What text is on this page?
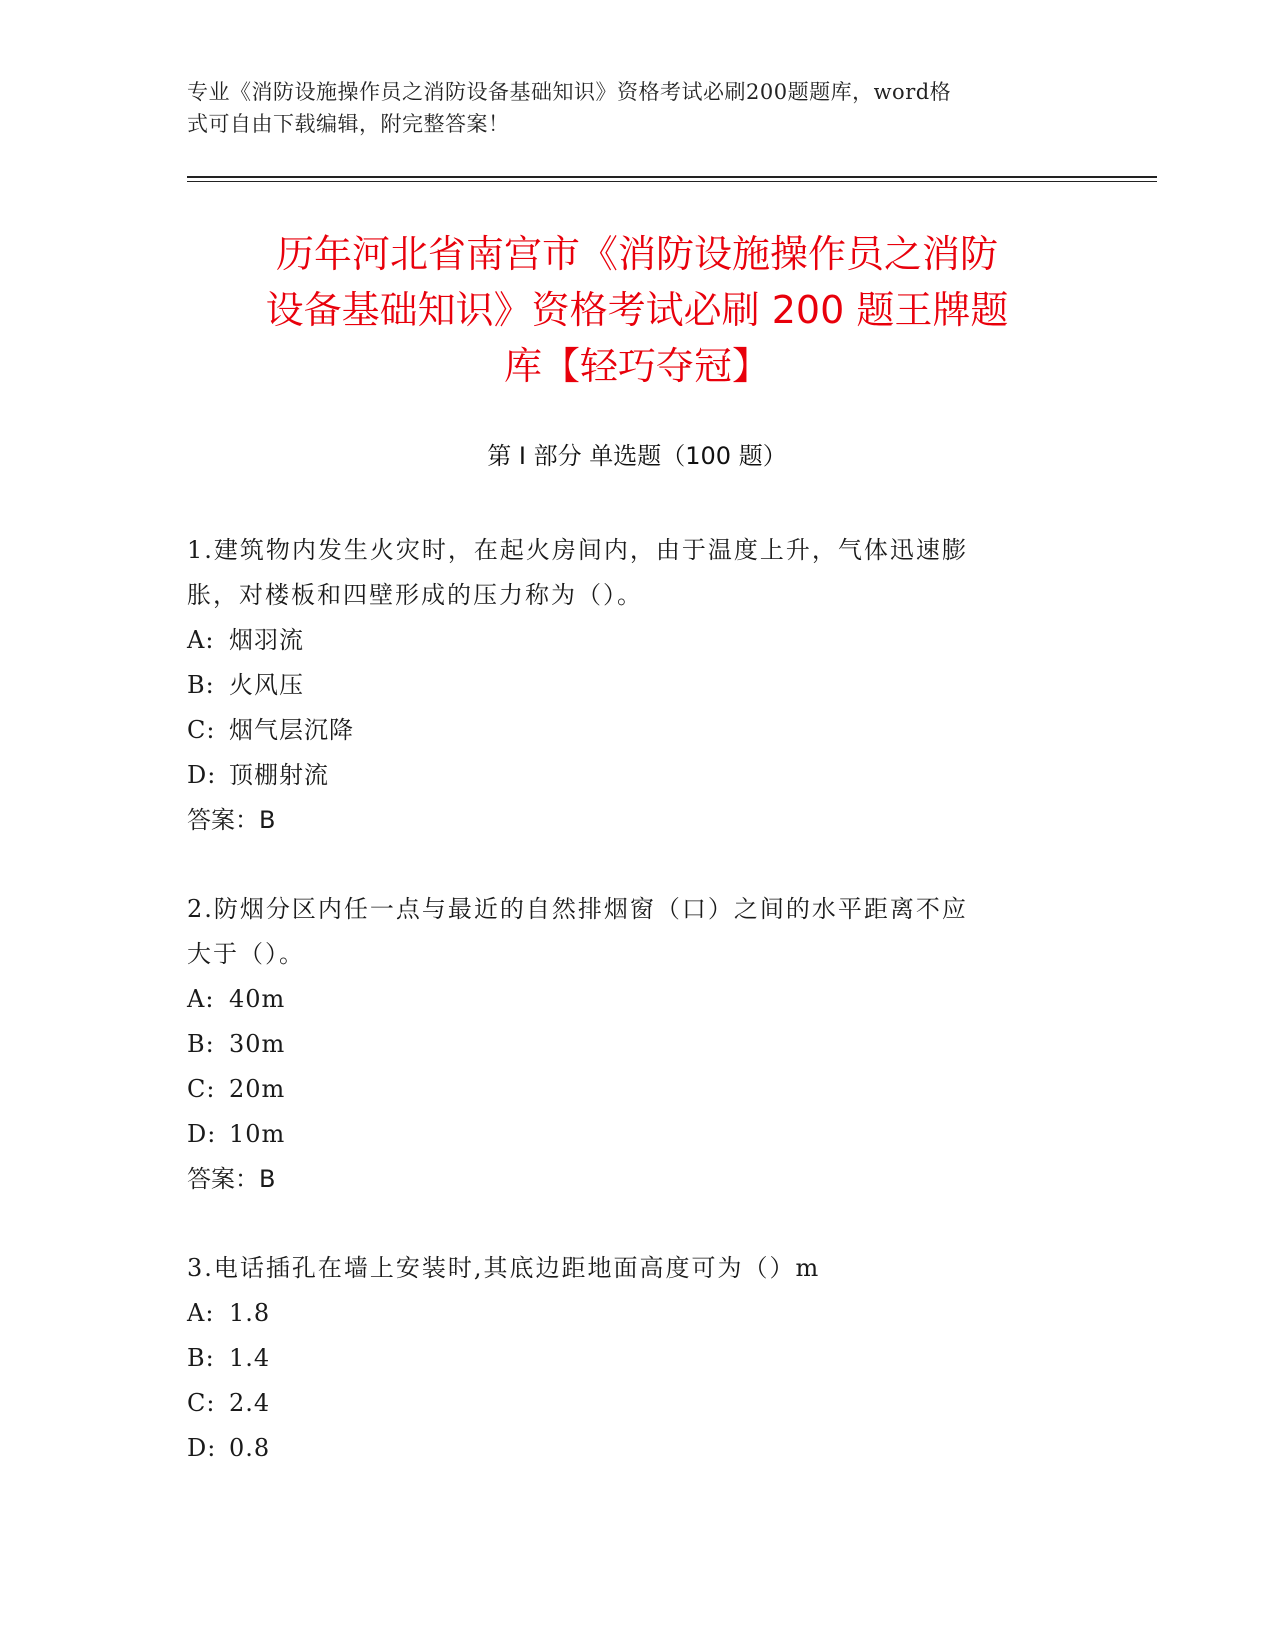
专业《消防设施操作员之消防设备基础知识》资格考试必刷200题题库，word格
式可自由下载编辑，附完整答案！
历年河北省南宫市《消防设施操作员之消防
设备基础知识》资格考试必刷 200 题王牌题
库【轻巧夺冠】
第 I 部分 单选题（100 题）

1.建筑物内发生火灾时，在起火房间内，由于温度上升，气体迅速膨
胀，对楼板和四壁形成的压力称为（）。

A: 烟羽流

B: 火风压

C: 烟气层沉降

D: 顶棚射流

答案：B

2.防烟分区内任一点与最近的自然排烟窗（口）之间的水平距离不应
大于（）。

A: 40m

B: 30m

C: 20m

D: 10m

答案：B

3.电话插孔在墙上安装时,其底边距地面高度可为（）m

A: 1.8

B: 1.4

C: 2.4

D: 0.8
